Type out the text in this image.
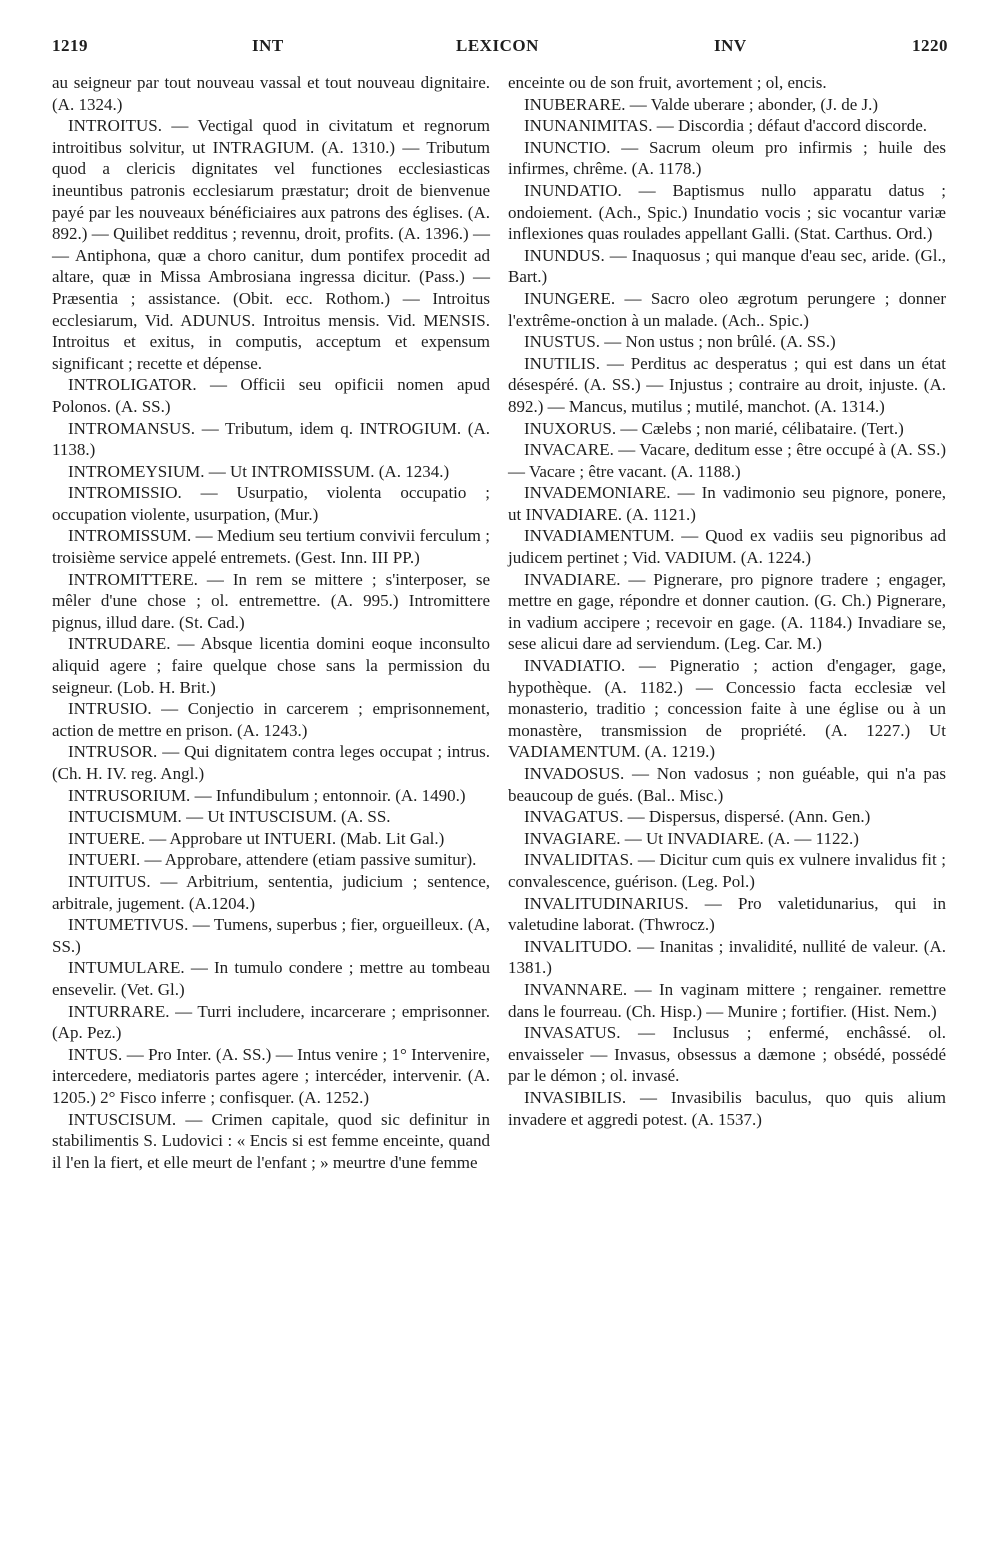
1219	INT	LEXICON	INV	1220

au seigneur par tout nouveau vassal et tout nouveau dignitaire. (A. 1324.)

INTROITUS. — Vectigal quod in civitatum et regnorum introitibus solvitur, ut INTRAGIUM. (A. 1310.) — Tributum quod a clericis dignitates vel functiones ecclesiasticas ineuntibus patronis ecclesiarum præstatur; droit de bienvenue payé par les nouveaux bénéficiaires aux patrons des églises. (A. 892.) — Quilibet redditus ; revennu, droit, profits. (A. 1396.) — — Antiphona, quæ a choro canitur, dum pontifex procedit ad altare, quæ in Missa Ambrosiana ingressa dicitur. (Pass.) — Præsentia ; assistance. (Obit. ecc. Rothom.) — Introitus ecclesiarum, Vid. ADUNUS. Introitus mensis. Vid. MENSIS. Introitus et exitus, in computis, acceptum et expensum significant ; recette et dépense.

INTROLIGATOR. — Officii seu opificii nomen apud Polonos. (A. SS.)

INTROMANSUS. — Tributum, idem q. INTROGIUM. (A. 1138.)

INTROMEYSIUM. — Ut INTROMISSUM. (A. 1234.)

INTROMISSIO. — Usurpatio, violenta occupatio ; occupation violente, usurpation, (Mur.)

INTROMISSUM. — Medium seu tertium convivii ferculum ; troisième service appelé entremets. (Gest. Inn. III PP.)

INTROMITTERE. — In rem se mittere ; s'interposer, se mêler d'une chose ; ol. entremettre. (A. 995.) Intromittere pignus, illud dare. (St. Cad.)

INTRUDARE. — Absque licentia domini eoque inconsulto aliquid agere ; faire quelque chose sans la permission du seigneur. (Lob. H. Brit.)

INTRUSIO. — Conjectio in carcerem ; emprisonnement, action de mettre en prison. (A. 1243.)

INTRUSOR. — Qui dignitatem contra leges occupat ; intrus. (Ch. H. IV. reg. Angl.)

INTRUSORIUM. — Infundibulum ; entonnoir. (A. 1490.)

INTUCISMUM. — Ut INTUSCISUM. (A. SS.

INTUERE. — Approbare ut INTUERI. (Mab. Lit Gal.)

INTUERI. — Approbare, attendere (etiam passive sumitur).

INTUITUS. — Arbitrium, sententia, judicium ; sentence, arbitrale, jugement. (A.1204.)

INTUMETIVUS. — Tumens, superbus ; fier, orgueilleux. (A, SS.)

INTUMULARE. — In tumulo condere ; mettre au tombeau ensevelir. (Vet. Gl.)

INTURRARE. — Turri includere, incarcerare ; emprisonner. (Ap. Pez.)

INTUS. — Pro Inter. (A. SS.) — Intus venire ; 1° Intervenire, intercedere, mediatoris partes agere ; intercéder, intervenir. (A. 1205.) 2° Fisco inferre ; confisquer. (A. 1252.)

INTUSCISUM. — Crimen capitale, quod sic definitur in stabilimentis S. Ludovici : « Encis si est femme enceinte, quand il l'en la fiert, et elle meurt de l'enfant ; » meurtre d'une femme

enceinte ou de son fruit, avortement ; ol, encis.

INUBERARE. — Valde uberare ; abonder, (J. de J.)

INUNANIMITAS. — Discordia ; défaut d'accord discorde.

INUNCTIO. — Sacrum oleum pro infirmis ; huile des infirmes, chrême. (A. 1178.)

INUNDATIO. — Baptismus nullo apparatu datus ; ondoiement. (Ach., Spic.) Inundatio vocis ; sic vocantur variæ inflexiones quas roulades appellant Galli. (Stat. Carthus. Ord.)

INUNDUS. — Inaquosus ; qui manque d'eau sec, aride. (Gl., Bart.)

INUNGERE. — Sacro oleo ægrotum perungere ; donner l'extrême-onction à un malade. (Ach.. Spic.)

INUSTUS. — Non ustus ; non brûlé. (A. SS.)

INUTILIS. — Perditus ac desperatus ; qui est dans un état désespéré. (A. SS.) — Injustus ; contraire au droit, injuste. (A. 892.) — Mancus, mutilus ; mutilé, manchot. (A. 1314.)

INUXORUS. — Cælebs ; non marié, célibataire. (Tert.)

INVACARE. — Vacare, deditum esse ; être occupé à (A. SS.) — Vacare ; être vacant. (A. 1188.)

INVADEMONIARE. — In vadimonio seu pignore, ponere, ut INVADIARE. (A. 1121.)

INVADIAMENTUM. — Quod ex vadiis seu pignoribus ad judicem pertinet ; Vid. VADIUM. (A. 1224.)

INVADIARE. — Pignerare, pro pignore tradere ; engager, mettre en gage, répondre et donner caution. (G. Ch.) Pignerare, in vadium accipere ; recevoir en gage. (A. 1184.) Invadiare se, sese alicui dare ad serviendum. (Leg. Car. M.)

INVADIATIO. — Pigneratio ; action d'engager, gage, hypothèque. (A. 1182.) — Concessio facta ecclesiæ vel monasterio, traditio ; concession faite à une église ou à un monastère, transmission de propriété. (A. 1227.) Ut VADIAMENTUM. (A. 1219.)

INVADOSUS. — Non vadosus ; non guéable, qui n'a pas beaucoup de gués. (Bal.. Misc.)

INVAGATUS. — Dispersus, dispersé. (Ann. Gen.)

INVAGIARE. — Ut INVADIARE. (A. — 1122.)

INVALIDITAS. — Dicitur cum quis ex vulnere invalidus fit ; convalescence, guérison. (Leg. Pol.)

INVALITUDINARIUS. — Pro valetidunarius, qui in valetudine laborat. (Thwrocz.)

INVALITUDO. — Inanitas ; invalidité, nullité de valeur. (A. 1381.)

INVANNARE. — In vaginam mittere ; rengainer. remettre dans le fourreau. (Ch. Hisp.) — Munire ; fortifier. (Hist. Nem.)

INVASATUS. — Inclusus ; enfermé, enchâssé. ol. envaisseler — Invasus, obsessus a dæmone ; obsédé, possédé par le démon ; ol. invasé.

INVASIBILIS. — Invasibilis baculus, quo quis alium invadere et aggredi potest. (A. 1537.)
